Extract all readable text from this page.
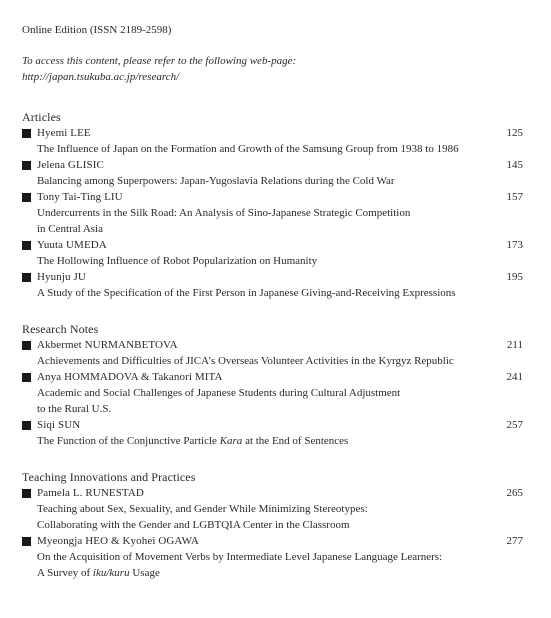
Online Edition (ISSN 2189-2598)
To access this content, please refer to the following web-page:
http://japan.tsukuba.ac.jp/research/
Articles
Hyemi LEE	125
The Influence of Japan on the Formation and Growth of the Samsung Group from 1938 to 1986
Jelena GLISIC	145
Balancing among Superpowers: Japan-Yugoslavia Relations during the Cold War
Tony Tai-Ting LIU	157
Undercurrents in the Silk Road: An Analysis of Sino-Japanese Strategic Competition
in Central Asia
Yuuta UMEDA	173
The Hollowing Influence of Robot Popularization on Humanity
Hyunju JU	195
A Study of the Specification of the First Person in Japanese Giving-and-Receiving Expressions
Research Notes
Akbermet NURMANBETOVA	211
Achievements and Difficulties of JICA’s Overseas Volunteer Activities in the Kyrgyz Republic
Anya HOMMADOVA & Takanori MITA	241
Academic and Social Challenges of Japanese Students during Cultural Adjustment
to the Rural U.S.
Siqi SUN	257
The Function of the Conjunctive Particle Kara at the End of Sentences
Teaching Innovations and Practices
Pamela L. RUNESTAD	265
Teaching about Sex, Sexuality, and Gender While Minimizing Stereotypes:
Collaborating with the Gender and LGBTQIA Center in the Classroom
Myeongja HEO & Kyohei OGAWA	277
On the Acquisition of Movement Verbs by Intermediate Level Japanese Language Learners:
A Survey of iku/kuru Usage
